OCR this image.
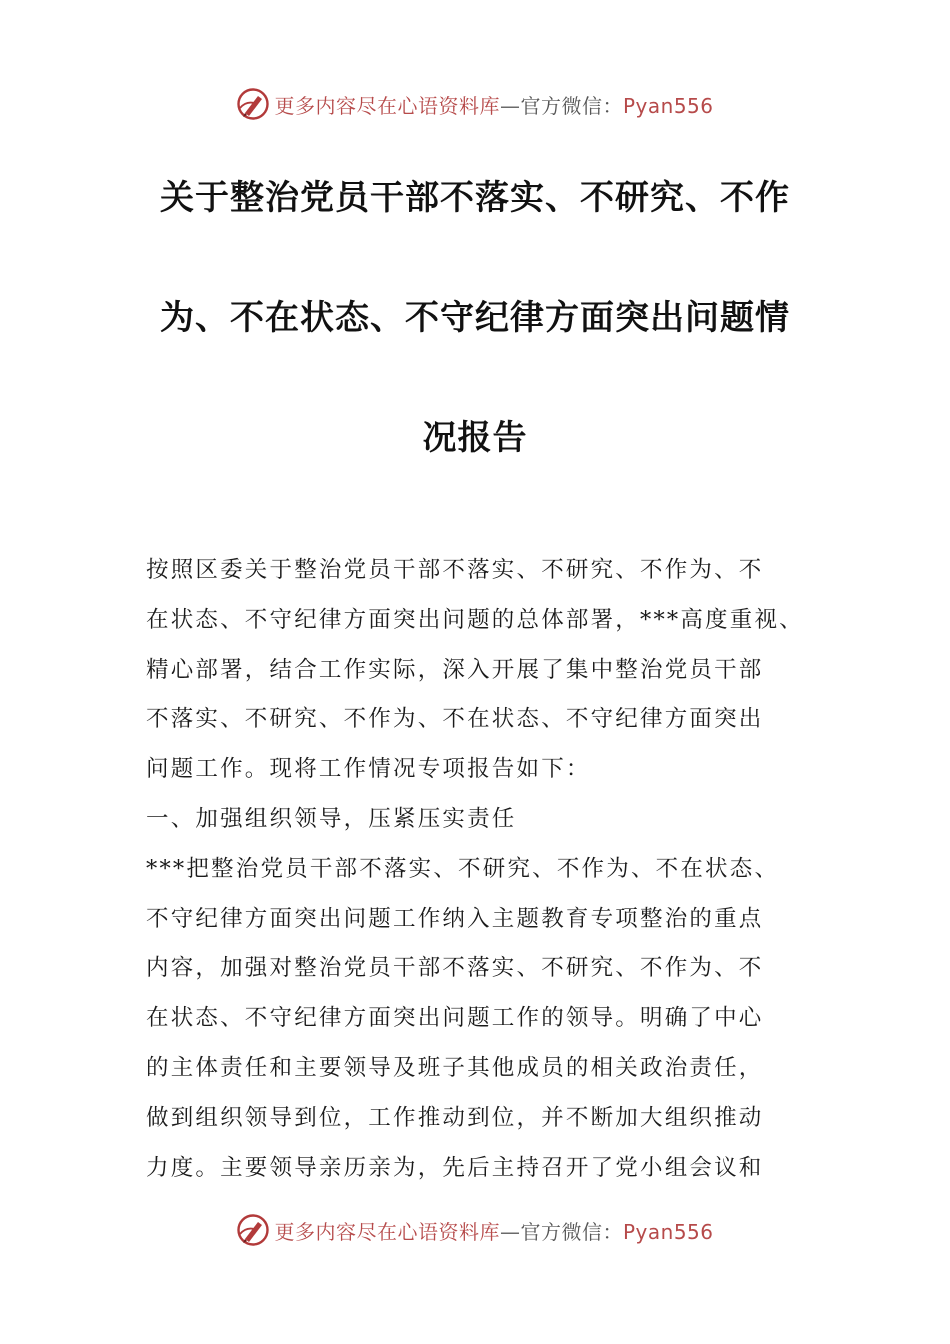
更多内容尽在心语资料库—官方微信：Pyan556
关于整治党员干部不落实、不研究、不作
为、不在状态、不守纪律方面突出问题情
况报告
按照区委关于整治党员干部不落实、不研究、不作为、不
在状态、不守纪律方面突出问题的总体部署，***高度重视、
精心部署，结合工作实际，深入开展了集中整治党员干部
不落实、不研究、不作为、不在状态、不守纪律方面突出
问题工作。现将工作情况专项报告如下：
一、加强组织领导，压紧压实责任
***把整治党员干部不落实、不研究、不作为、不在状态、
不守纪律方面突出问题工作纳入主题教育专项整治的重点
内容，加强对整治党员干部不落实、不研究、不作为、不
在状态、不守纪律方面突出问题工作的领导。明确了中心
的主体责任和主要领导及班子其他成员的相关政治责任，
做到组织领导到位，工作推动到位，并不断加大组织推动
力度。主要领导亲历亲为，先后主持召开了党小组会议和
更多内容尽在心语资料库—官方微信：Pyan556
